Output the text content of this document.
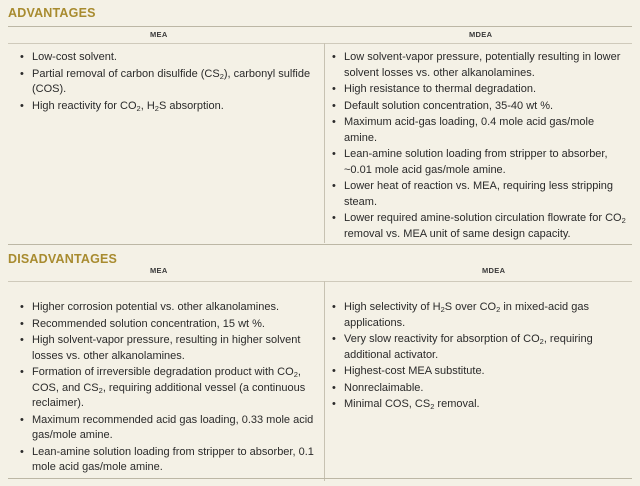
ADVANTAGES
MEA	MDEA
• Low-cost solvent.
• Partial removal of carbon disulfide $(CS_2)$, carbonyl sulfide (COS).
• High reactivity for $CO_2$, $H_2S$ absorption.
• Low solvent-vapor pressure, potentially resulting in lower solvent losses vs. other alkanolamines.
• High resistance to thermal degradation.
• Default solution concentration, 35-40 wt %.
• Maximum acid-gas loading, 0.4 mole acid gas/mole amine.
• Lean-amine solution loading from stripper to absorber, ~0.01 mole acid gas/mole amine.
• Lower heat of reaction vs. MEA, requiring less stripping steam.
• Lower required amine-solution circulation flowrate for $CO_2$ removal vs. MEA unit of same design capacity.
DISADVANTAGES
MEA	MDEA
• Higher corrosion potential vs. other alkanolamines.
• Recommended solution concentration, 15 wt %.
• High solvent-vapor pressure, resulting in higher solvent losses vs. other alkanolamines.
• Formation of irreversible degradation product with $CO_2$, COS, and $CS_2$, requiring additional vessel (a continuous reclaimer).
• Maximum recommended acid gas loading, 0.33 mole acid gas/mole amine.
• Lean-amine solution loading from stripper to absorber, 0.1 mole acid gas/mole amine.
• High selectivity of $H_2S$ over $CO_2$ in mixed-acid gas applications.
• Very slow reactivity for absorption of $CO_2$, requiring additional activator.
• Highest-cost MEA substitute.
• Nonreclaimable.
• Minimal COS, $CS_2$ removal.
